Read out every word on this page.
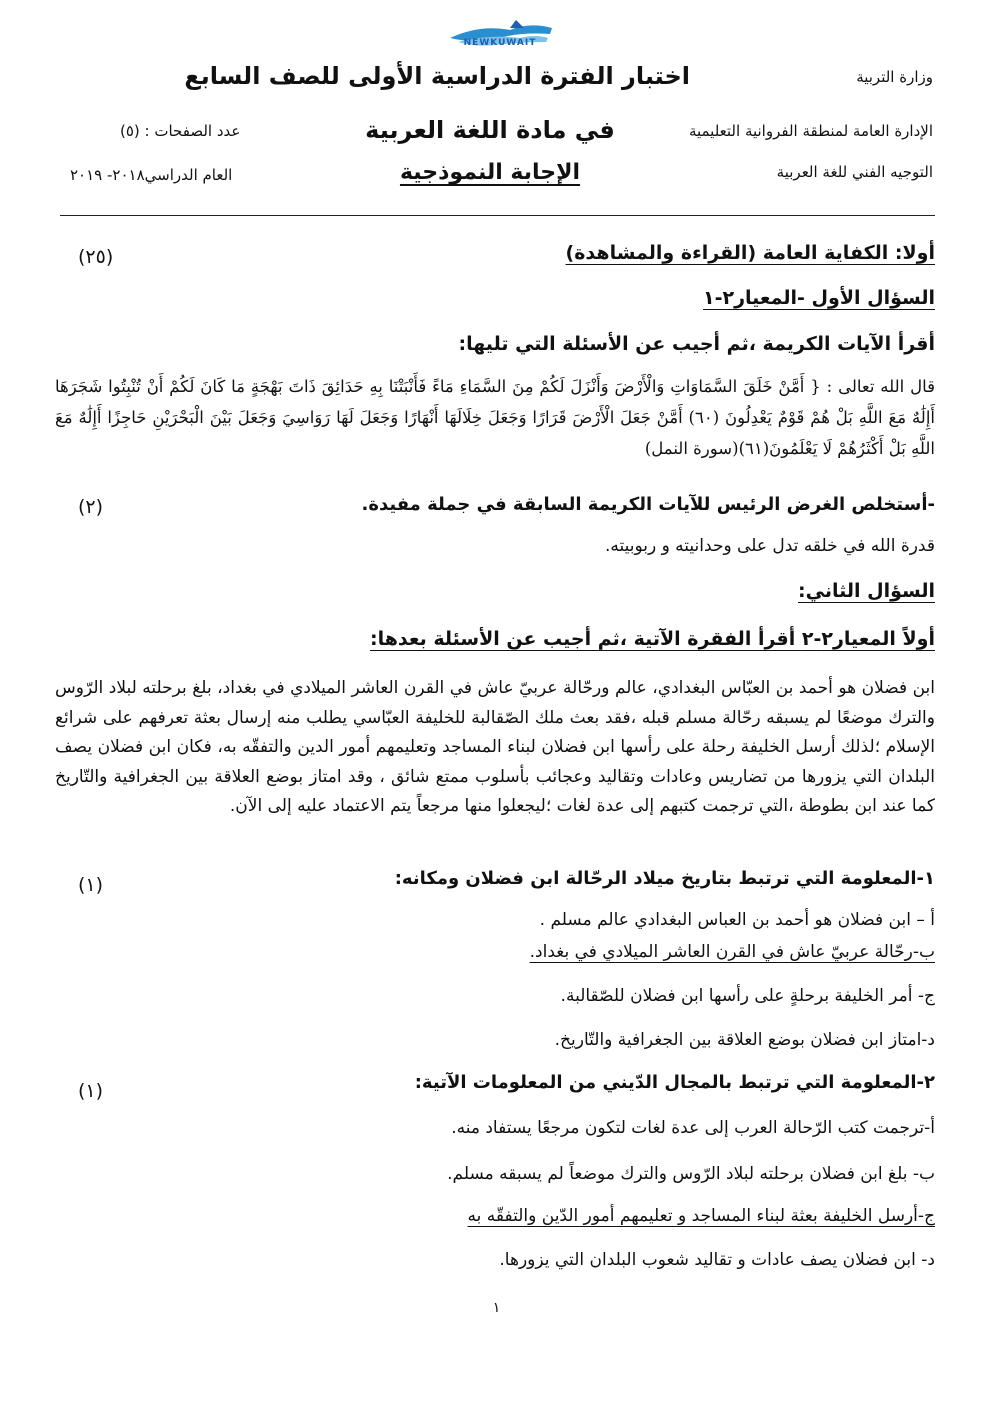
NEWKUWAIT
وزارة التربية
الإدارة العامة لمنطقة الفروانية التعليمية
التوجيه الفني للغة العربية
اختبار الفترة الدراسية الأولى للصف السابع
في مادة اللغة العربية
الإجابة النموذجية
عدد الصفحات : (٥)
العام الدراسي٢٠١٨- ٢٠١٩
أولا: الكفاية العامة (القراءة والمشاهدة)
(٢٥)
السؤال الأول -المعيار٢-١
أقرأ الآيات الكريمة ،ثم أجيب عن الأسئلة التي تليها:
قال الله تعالى : { أَمَّنْ خَلَقَ السَّمَاوَاتِ وَالْأَرْضَ وَأَنْزَلَ لَكُمْ مِنَ السَّمَاءِ مَاءً فَأَنْبَتْنَا بِهِ حَدَائِقَ ذَاتَ بَهْجَةٍ مَا كَانَ لَكُمْ أَنْ تُنْبِتُوا شَجَرَهَا أَإِلَٰهٌ مَعَ اللَّهِ بَلْ هُمْ قَوْمٌ يَعْدِلُونَ (٦٠) أَمَّنْ جَعَلَ الْأَرْضَ قَرَارًا وَجَعَلَ خِلَالَهَا أَنْهَارًا وَجَعَلَ لَهَا رَوَاسِيَ وَجَعَلَ بَيْنَ الْبَحْرَيْنِ حَاجِزًا أَإِلَٰهٌ مَعَ اللَّهِ بَلْ أَكْثَرُهُمْ لَا يَعْلَمُونَ(٦١)(سورة النمل)
-أستخلص الغرض الرئيس للآيات الكريمة السابقة في جملة مفيدة.
(٢)
قدرة الله في خلقه تدل على وحدانيته و ربوبيته.
السؤال الثاني:
أولاً المعيار٢-٢ أقرأ الفقرة الآتية ،ثم أجيب عن الأسئلة بعدها:
ابن فضلان هو أحمد بن العبّاس البغدادي، عالم ورحّالة عربيّ عاش في القرن العاشر الميلادي في بغداد، بلغ برحلته لبلاد الرّوس والترك موضعًا لم يسبقه رحّالة مسلم قبله ،فقد بعث ملك الصّقالبة للخليفة العبّاسي يطلب منه إرسال بعثة تعرفهم على شرائع الإسلام ؛لذلك أرسل الخليفة رحلة على رأسها ابن فضلان لبناء المساجد وتعليمهم أمور الدين والتفقّه به، فكان ابن فضلان يصف البلدان التي يزورها من تضاريس وعادات وتقاليد وعجائب بأسلوب ممتع شائق ، وقد امتاز بوضع العلاقة بين الجغرافية والتّاريخ كما عند ابن بطوطة ،التي ترجمت كتبهم إلى عدة لغات ؛ليجعلوا منها مرجعاً يتم الاعتماد عليه إلى الآن.
١-المعلومة التي ترتبط بتاريخ ميلاد الرحّالة ابن فضلان ومكانه:
(١)
أ – ابن فضلان هو أحمد بن العباس البغدادي عالم مسلم .
ب-رحّالة عربيّ عاش في القرن العاشر الميلادي في بغداد.
ج- أمر الخليفة برحلةٍ على رأسها ابن فضلان للصّقالبة.
د-امتاز ابن فضلان بوضع العلاقة بين الجغرافية والتّاريخ.
٢-المعلومة التي ترتبط بالمجال الدّيني من المعلومات الآتية:
(١)
أ-ترجمت كتب الرّحالة العرب إلى عدة لغات لتكون مرجعًا يستفاد منه.
ب- بلغ ابن فضلان برحلته لبلاد الرّوس والترك موضعاً لم يسبقه مسلم.
ج-أرسل الخليفة بعثة لبناء المساجد و تعليمهم أمور الدّين والتفقّه به
د- ابن فضلان يصف عادات و تقاليد شعوب البلدان التي يزورها.
١
